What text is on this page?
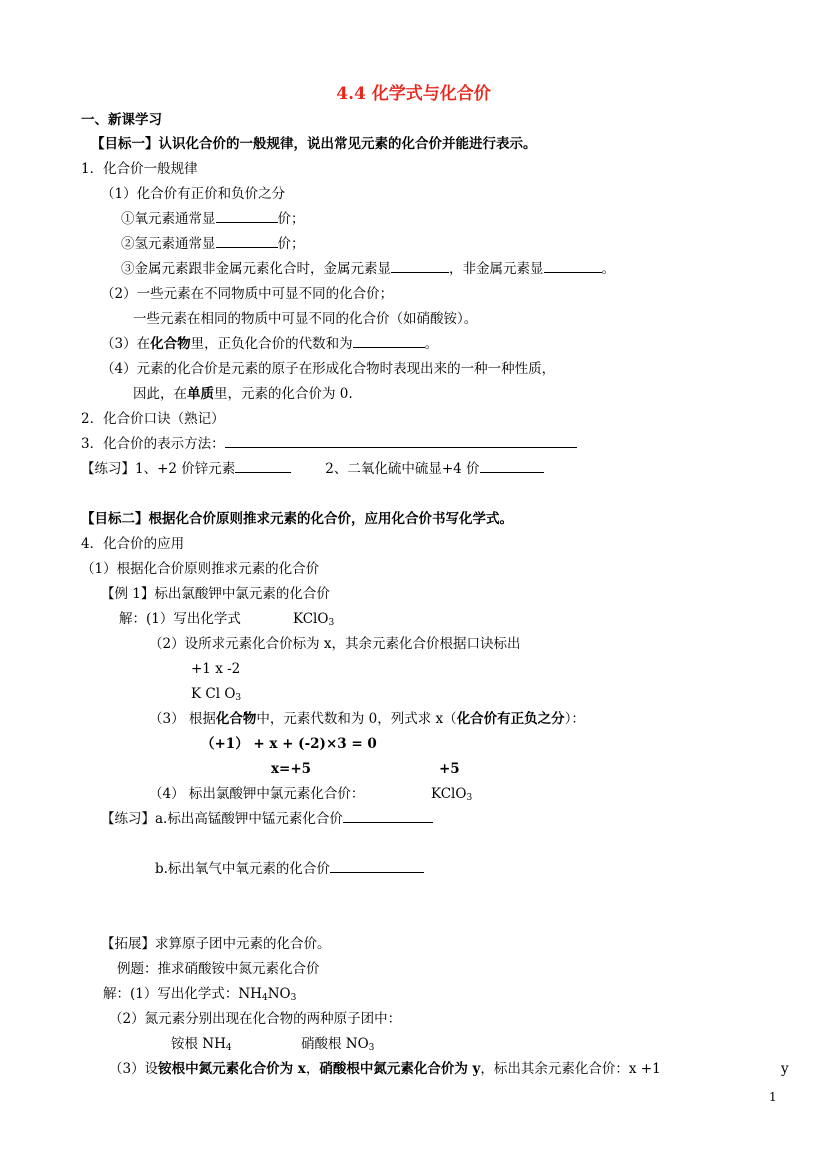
4.4 化学式与化合价
一、新课学习
【目标一】认识化合价的一般规律，说出常见元素的化合价并能进行表示。
1．化合价一般规律
（1）化合价有正价和负价之分
①氧元素通常显	价；
②氢元素通常显	价；
③金属元素跟非金属元素化合时，金属元素显	，非金属元素显	。
（2）一些元素在不同物质中可显不同的化合价；
一些元素在相同的物质中可显不同的化合价（如硝酸铵）。
（3）在化合物里，正负化合价的代数和为	。
（4）元素的化合价是元素的原子在形成化合物时表现出来的一种一种性质，
因此，在单质里，元素的化合价为 0.
2．化合价口诀（熟记）
3．化合价的表示方法：
【练习】1、+2 价锌元素	2、二氧化硫中硫显+4 价
【目标二】根据化合价原则推求元素的化合价，应用化合价书写化学式。
4．化合价的应用
（1）根据化合价原则推求元素的化合价
【例 1】标出氯酸钾中氯元素的化合价
解：(1）写出化学式	KClO$_3$
（2）设所求元素化合价标为 x，其余元素化合价根据口诀标出
+1 x -2
K Cl $O_3$
（3） 根据化合物中，元素代数和为 0，列式求 x（化合价有正负之分）：
（+1） + x + (-2)×3 = 0
x=+5	+5
（4） 标出氯酸钾中氯元素化合价：	KClO$_3$
【练习】a.标出高锰酸钾中锰元素化合价
b.标出氧气中氧元素的化合价
【拓展】求算原子团中元素的化合价。
例题：推求硝酸铵中氮元素化合价
解：(1）写出化学式：$NH_4NO_3$
（2）氮元素分别出现在化合物的两种原子团中：
铵根 $NH_4$	硝酸根 $NO_3$
（3）设铵根中氮元素化合价为 x，硝酸根中氮元素化合价为 y，标出其余元素化合价：x +1	y
1
